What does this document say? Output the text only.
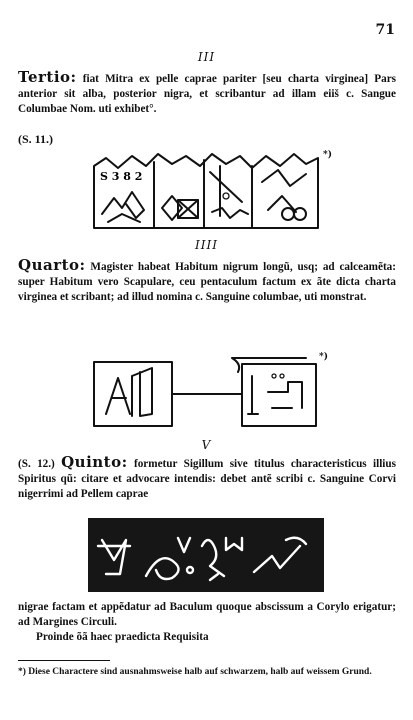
71
III
Tertio: fiat Mitra ex pelle caprae pariter [seu charta virginea] Pars anterior sit alba, posterior nigra, et scribantur ad illam eiiš c. Sangue Columbae Nom. uti exhibet°.
(S. 11.)
*)
S 3 8 2
IIII
Quarto: Magister habeat Habitum nigrum longũ, usq; ad calceamẽta: super Habitum vero Scapulare, ceu pentaculum factum ex ãte dicta charta virginea et scribant; ad illud nomina c. Sanguine columbae, uti monstrat.
*)
V
(S. 12.) Quinto: formetur Sigillum sive titulus characteristicus illius Spiritus qũ: citare et advocare intendis: debet antẽ scribi c. Sanguine Corvi nigerrimi ad Pellem caprae
nigrae factam et appẽdatur ad Baculum quoque abscissum a Corylo erigatur; ad Margines Circuli.
Proinde õã haec praedicta Requisita
*) Diese Charactere sind ausnahmsweise halb auf schwarzem, halb auf weissem Grund.
